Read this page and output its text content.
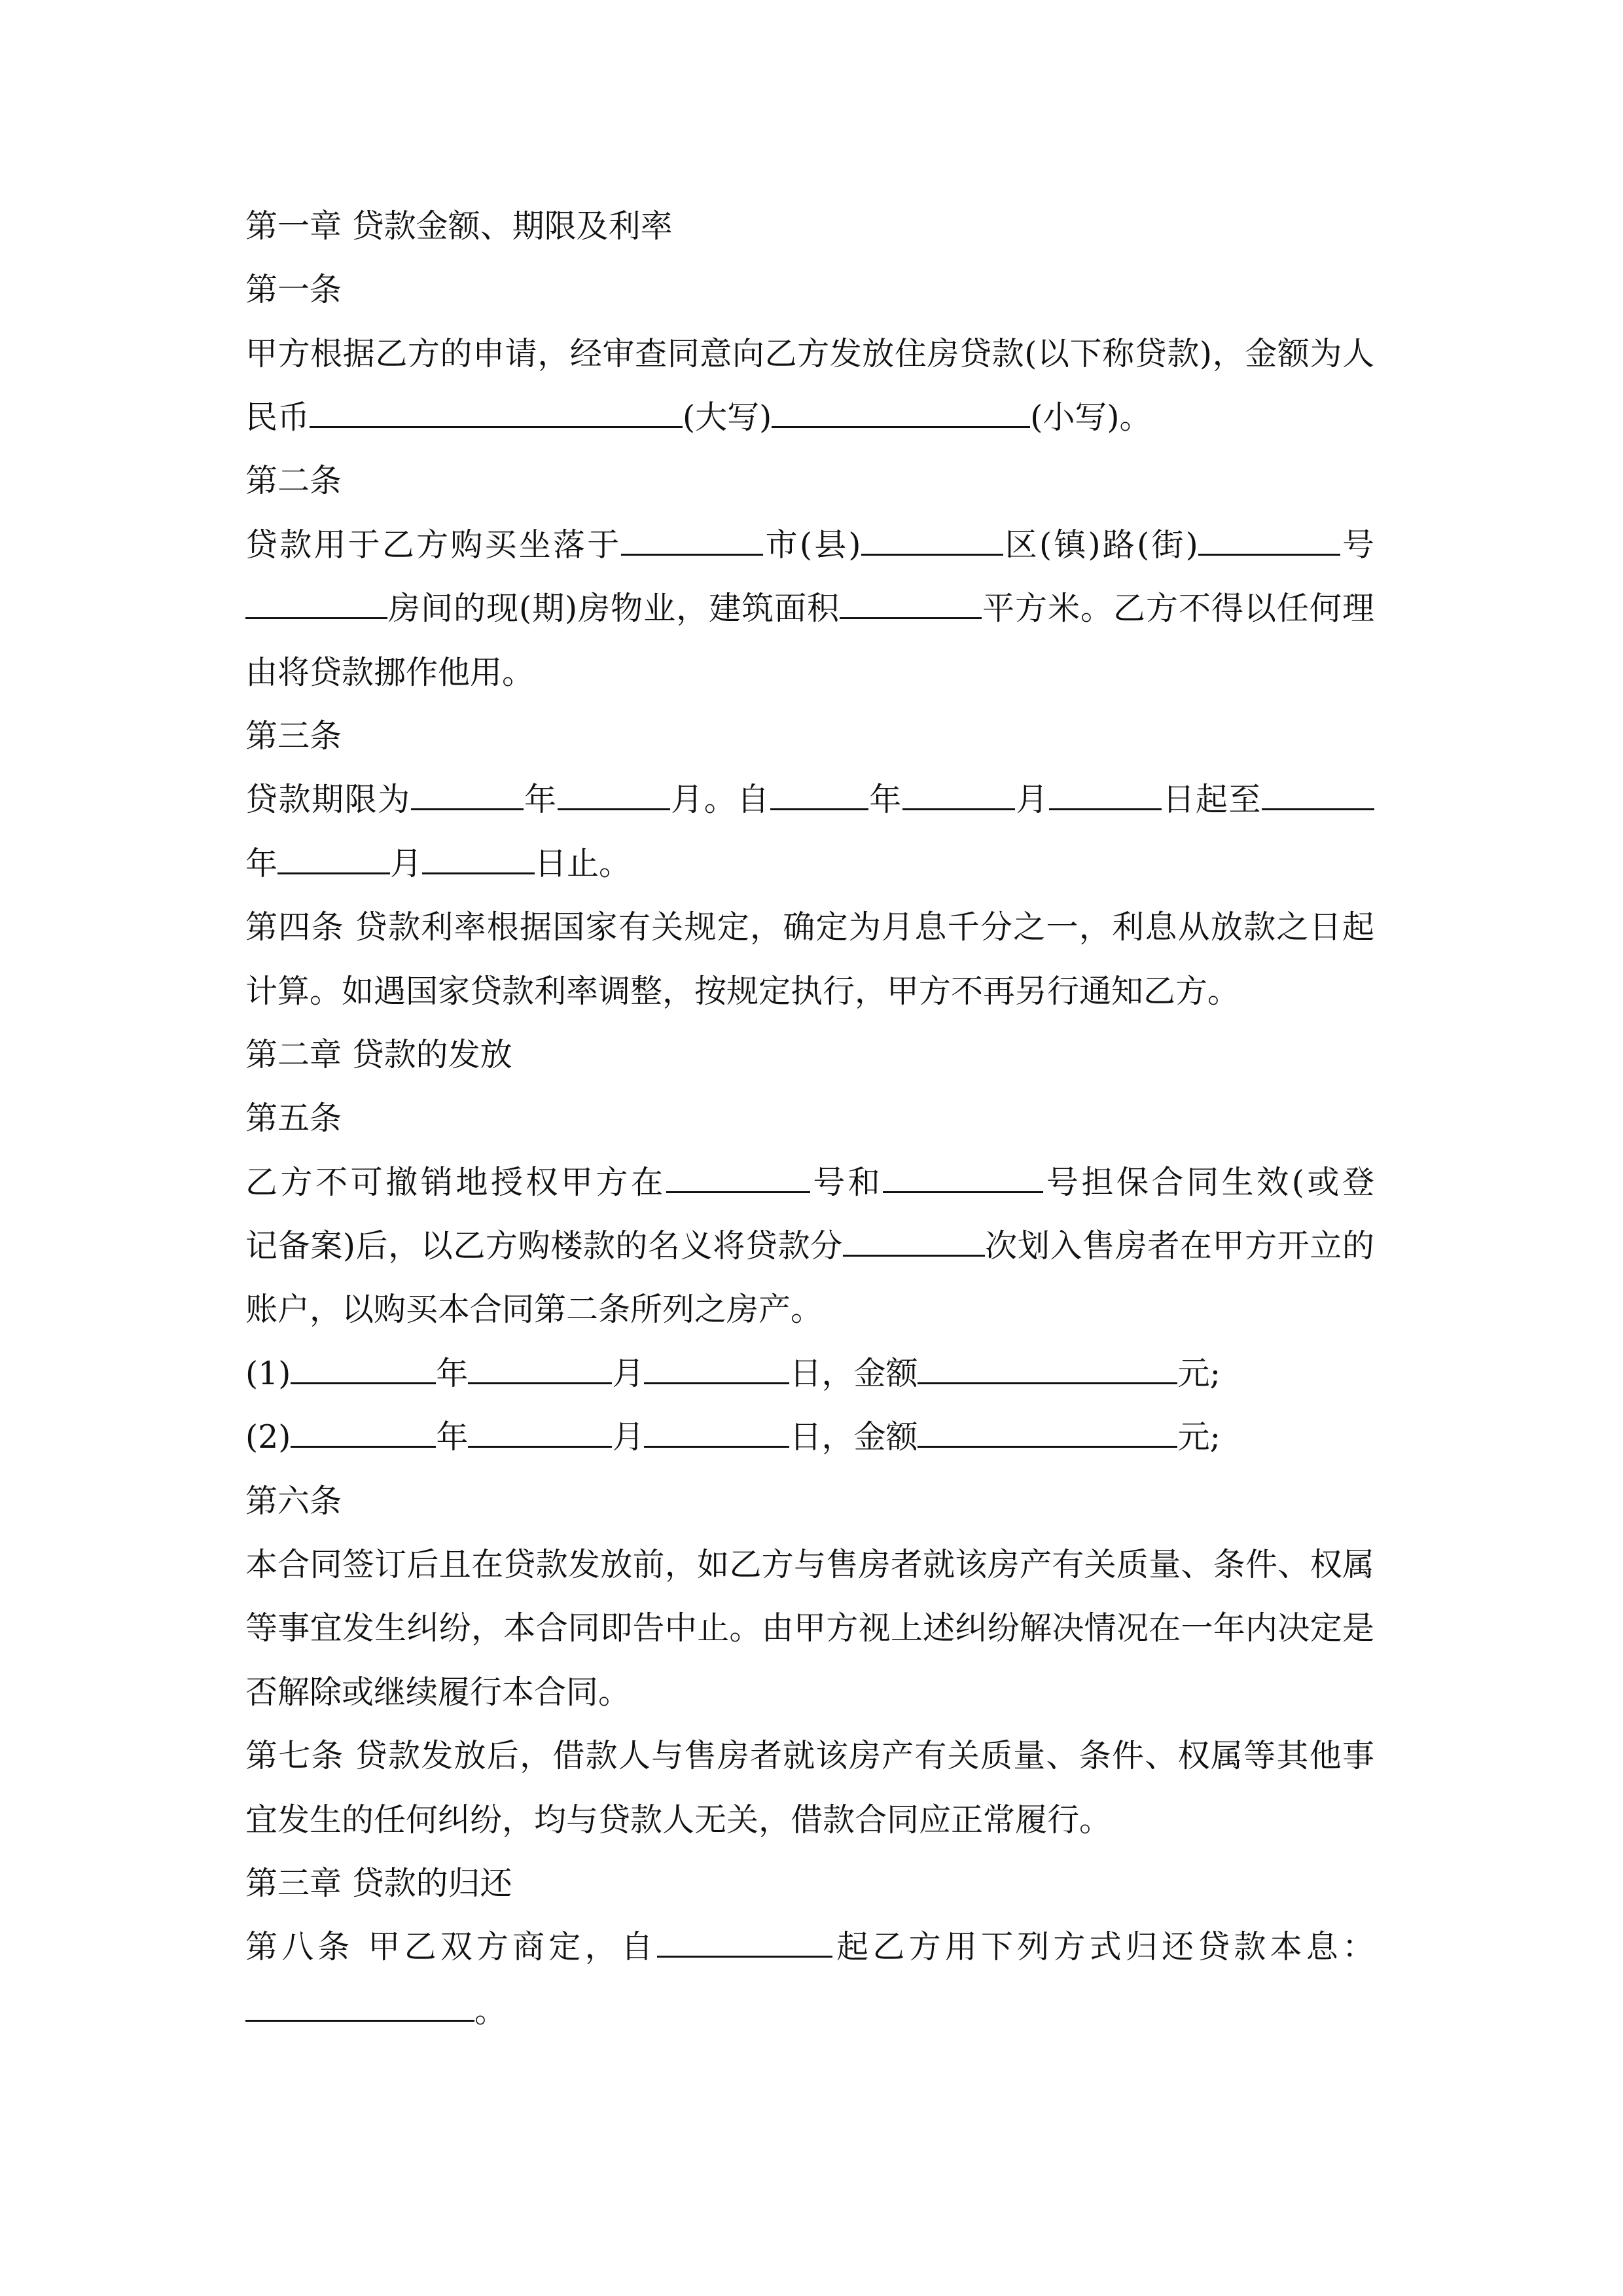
第一章 贷款金额、期限及利率
第一条
甲方根据乙方的申请，经审查同意向乙方发放住房贷款(以下称贷款)，金额为人
民币	(大写)	(小写)。
第二条
贷款用于乙方购买坐落于	市(县)	区(镇)路(街)	号
房间的现(期)房物业，建筑面积	平方米。乙方不得以任何理
由将贷款挪作他用。
第三条
贷款期限为	年	月。自	年	月	日起至
年	月	日止。
第四条 贷款利率根据国家有关规定，确定为月息千分之一，利息从放款之日起
计算。如遇国家贷款利率调整，按规定执行，甲方不再另行通知乙方。
第二章 贷款的发放
第五条
乙方不可撤销地授权甲方在	号和	号担保合同生效(或登
记备案)后，以乙方购楼款的名义将贷款分	次划入售房者在甲方开立的
账户，以购买本合同第二条所列之房产。
(1)	年	月	日，金额	元;
(2)	年	月	日，金额	元;
第六条
本合同签订后且在贷款发放前，如乙方与售房者就该房产有关质量、条件、权属
等事宜发生纠纷，本合同即告中止。由甲方视上述纠纷解决情况在一年内决定是
否解除或继续履行本合同。
第七条 贷款发放后，借款人与售房者就该房产有关质量、条件、权属等其他事
宜发生的任何纠纷，均与贷款人无关，借款合同应正常履行。
第三章 贷款的归还
第八条 甲乙双方商定，自	起乙方用下列方式归还贷款本息：
。
